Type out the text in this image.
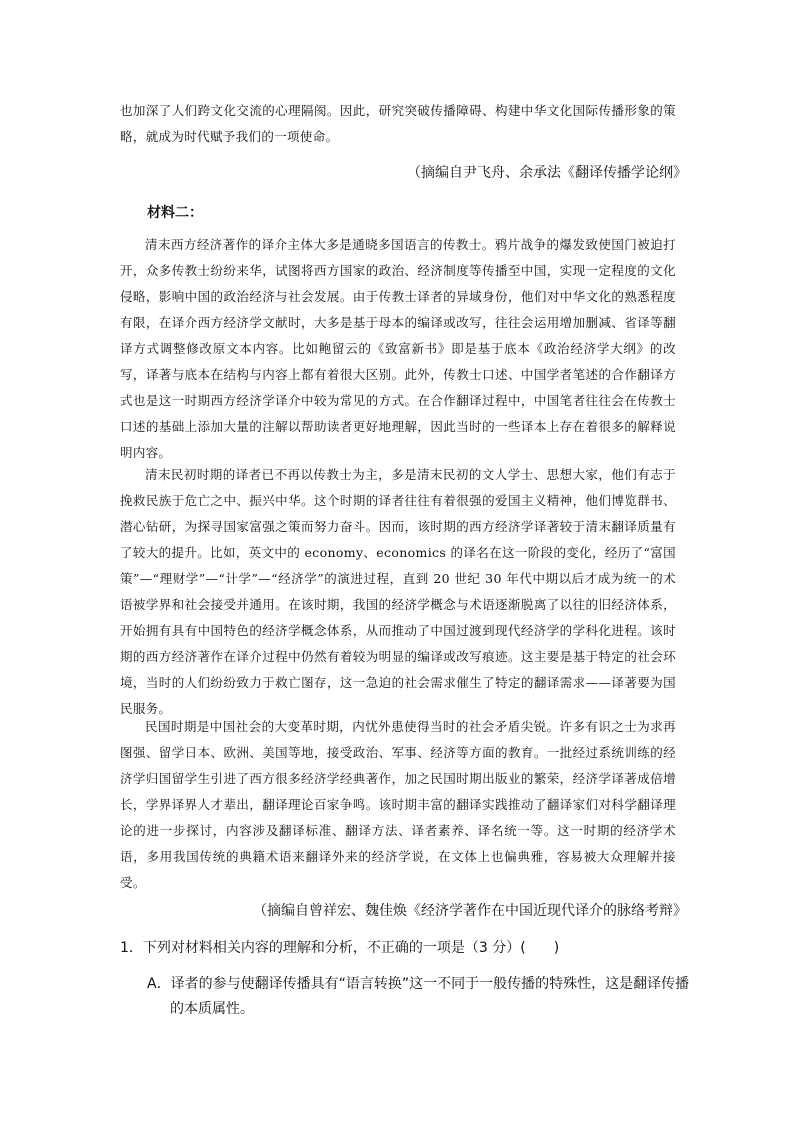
也加深了人们跨文化交流的心理隔阂。因此，研究突破传播障碍、构建中华文化国际传播形象的策略，就成为时代赋予我们的一项使命。

（摘编自尹飞舟、余承法《翻译传播学论纲》

材料二：

清末西方经济著作的译介主体大多是通晓多国语言的传教士。鸦片战争的爆发致使国门被迫打开，众多传教士纷纷来华，试图将西方国家的政治、经济制度等传播至中国，实现一定程度的文化侵略，影响中国的政治经济与社会发展。由于传教士译者的异域身份，他们对中华文化的熟悉程度有限，在译介西方经济学文献时，大多是基于母本的编译或改写，往往会运用增加删减、省译等翻译方式调整修改原文本内容。比如鲍留云的《致富新书》即是基于底本《政治经济学大纲》的改写，译著与底本在结构与内容上都有着很大区别。此外，传教士口述、中国学者笔述的合作翻译方式也是这一时期西方经济学译介中较为常见的方式。在合作翻译过程中，中国笔者往往会在传教士口述的基础上添加大量的注解以帮助读者更好地理解，因此当时的一些译本上存在着很多的解释说明内容。

清末民初时期的译者已不再以传教士为主，多是清末民初的文人学士、思想大家，他们有志于挽救民族于危亡之中、振兴中华。这个时期的译者往往有着很强的爱国主义精神，他们博览群书、潜心钻研，为探寻国家富强之策而努力奋斗。因而，该时期的西方经济学译著较于清末翻译质量有了较大的提升。比如，英文中的 economy、economics 的译名在这一阶段的变化，经历了“富国策”—“理财学”—“计学”—“经济学”的演进过程，直到 20 世纪 30 年代中期以后才成为统一的术语被学界和社会接受并通用。在该时期，我国的经济学概念与术语逐渐脱离了以往的旧经济体系，开始拥有具有中国特色的经济学概念体系，从而推动了中国过渡到现代经济学的学科化进程。该时期的西方经济著作在译介过程中仍然有着较为明显的编译或改写痕迹。这主要是基于特定的社会环境，当时的人们纷纷致力于救亡图存，这一急迫的社会需求催生了特定的翻译需求——译著要为国民服务。

民国时期是中国社会的大变革时期，内忧外患使得当时的社会矛盾尖锐。许多有识之士为求再图强、留学日本、欧洲、美国等地，接受政治、军事、经济等方面的教育。一批经过系统训练的经济学归国留学生引进了西方很多经济学经典著作，加之民国时期出版业的繁荣，经济学译著成倍增长，学界译界人才辈出，翻译理论百家争鸣。该时期丰富的翻译实践推动了翻译家们对科学翻译理论的进一步探讨，内容涉及翻译标准、翻译方法、译者素养、译名统一等。这一时期的经济学术语，多用我国传统的典籍术语来翻译外来的经济学说，在文体上也偏典雅，容易被大众理解并接受。

（摘编自曾祥宏、魏佳焕《经济学著作在中国近现代译介的脉络考辩》

1．下列对材料相关内容的理解和分析，不正确的一项是（3 分）(　　)

A．译者的参与使翻译传播具有“语言转换”这一不同于一般传播的特殊性，这是翻译传播的本质属性。
